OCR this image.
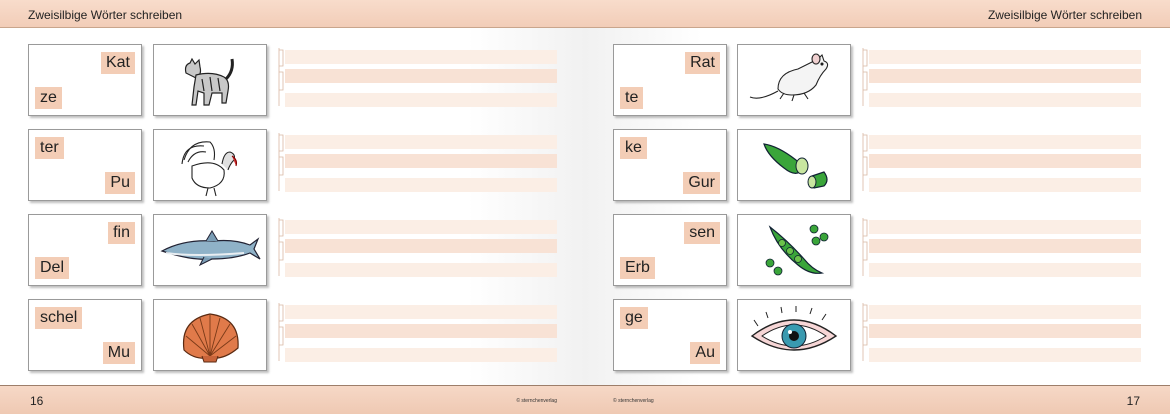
Zweisilbige Wörter schreiben
Kat
ze
ter
Pu
fin
Del
schel
Mu
16	© sternchenverlag
Zweisilbige Wörter schreiben
Rat
te
ke
Gur
sen
Erb
ge
Au
17
© sternchenverlag
